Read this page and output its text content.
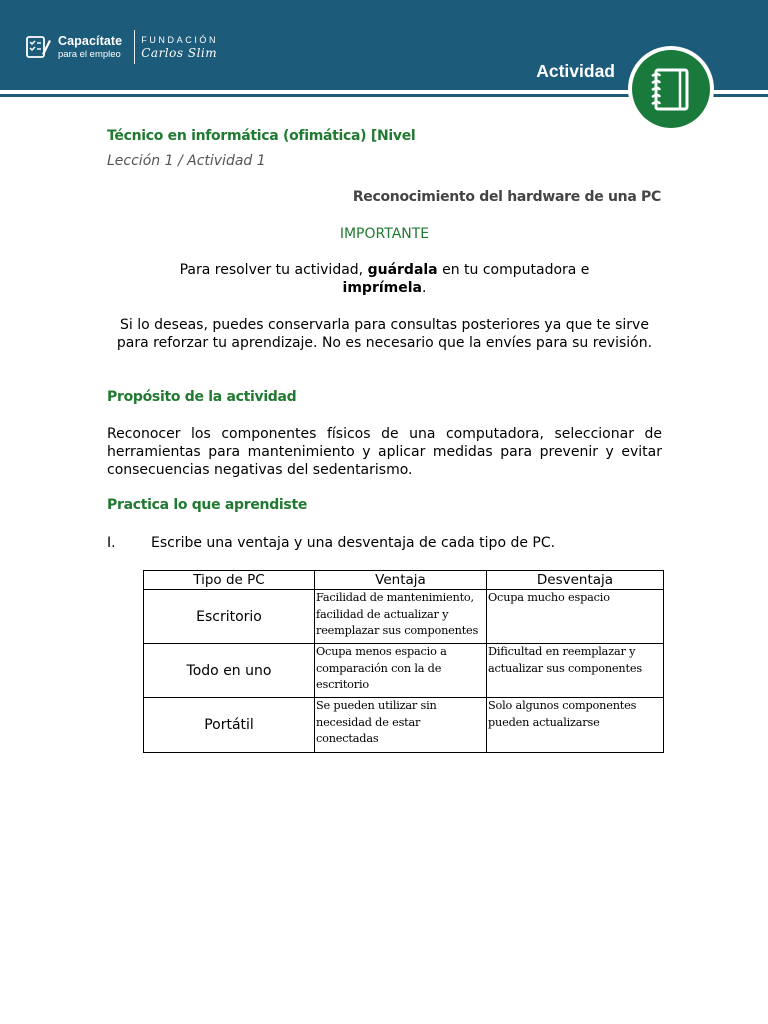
Capacítate
para el empleo
FUNDACIÓN
Carlos Slim
Actividad
Técnico en informática (ofimática) [Nivel
Lección 1 / Actividad 1
Reconocimiento del hardware de una PC
IMPORTANTE
Para resolver tu actividad, guárdala en tu computadora e
imprímela.
Si lo deseas, puedes conservarla para consultas posteriores ya que te sirve para reforzar tu aprendizaje. No es necesario que la envíes para su revisión.
Propósito de la actividad
Reconocer los componentes físicos de una computadora, seleccionar de herramientas para mantenimiento y aplicar medidas para prevenir y evitar consecuencias negativas del sedentarismo.
Practica lo que aprendiste
I.	Escribe una ventaja y una desventaja de cada tipo de PC.
Tipo de PC	Ventaja	Desventaja
Escritorio	Facilidad de mantenimiento, facilidad de actualizar y reemplazar sus componentes	Ocupa mucho espacio
Todo en uno	Ocupa menos espacio a comparación con la de escritorio	Dificultad en reemplazar y actualizar sus componentes
Portátil	Se pueden utilizar sin necesidad de estar conectadas	Solo algunos componentes pueden actualizarse
